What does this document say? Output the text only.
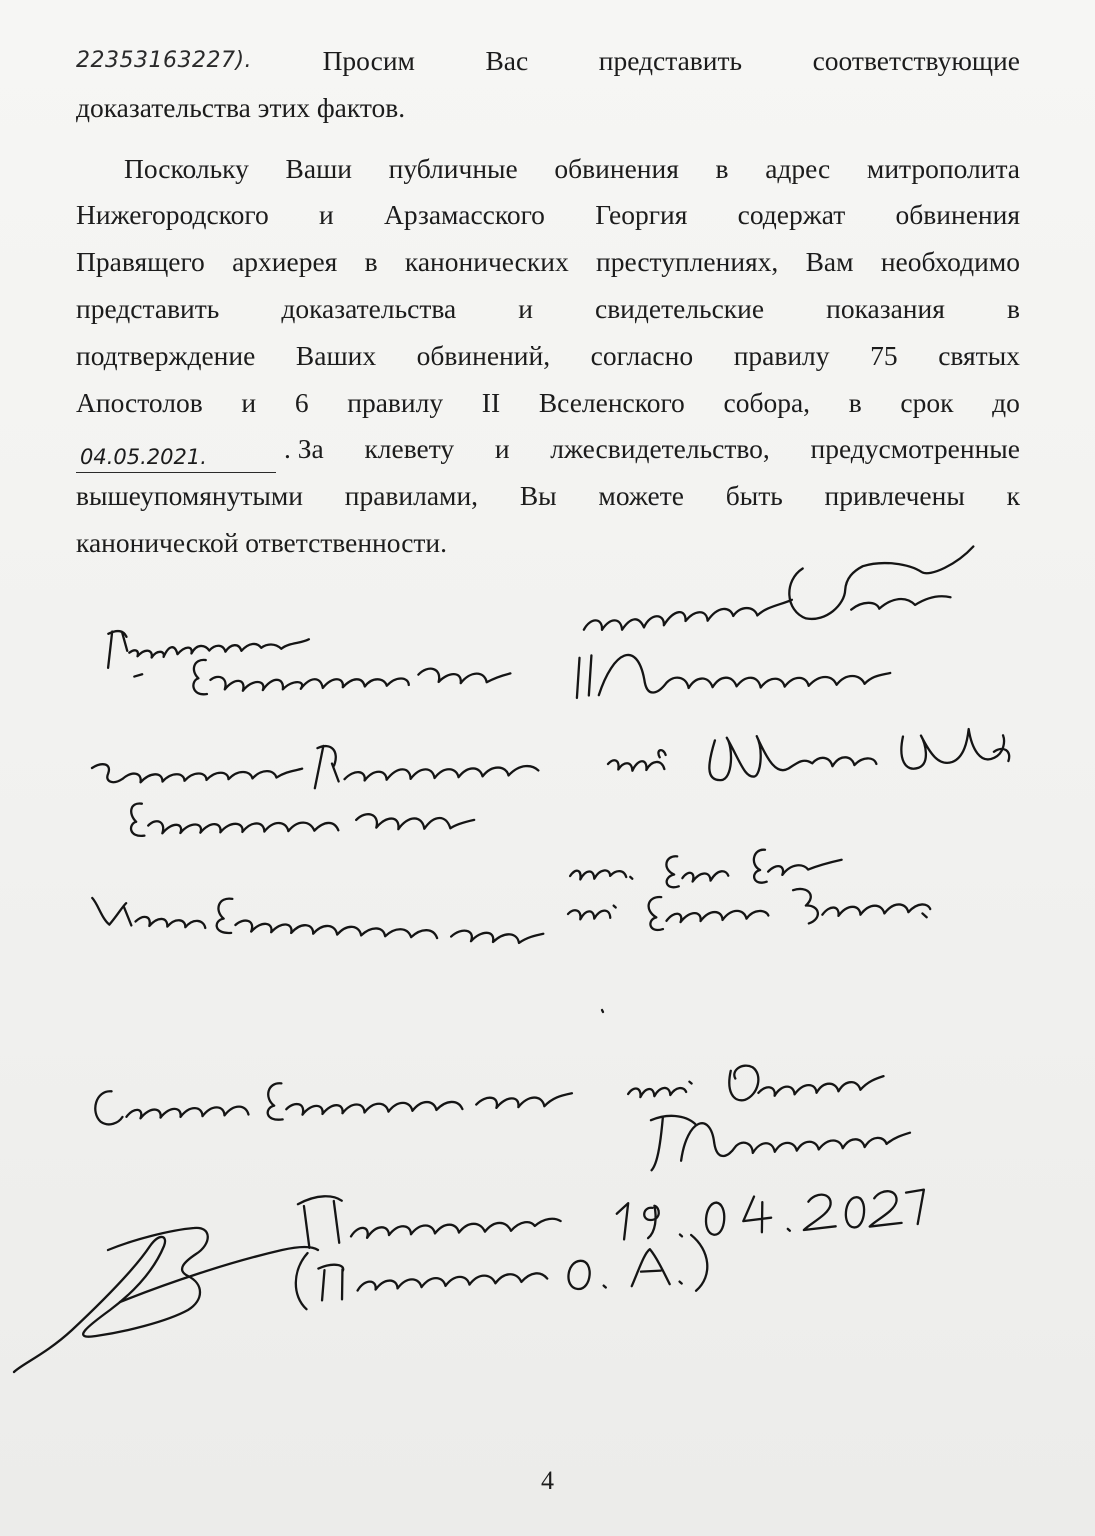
22353163227).	Просим	Вас	представить	соответствующие
доказательства этих фактов.
Поскольку Ваши публичные обвинения в адрес митрополита
Нижегородского и Арзамасского Георгия содержат обвинения
Правящего архиерея в канонических преступлениях, Вам необходимо
представить доказательства и свидетельские показания в
подтверждение Ваших обвинений, согласно правилу 75 святых
Апостолов и 6 правилу II Вселенского собора, в срок до
04.05.2021.	. За клевету и лжесвидетельство, предусмотренные
вышеупомянутыми правилами, Вы можете быть привлечены к
канонической ответственности.
4
